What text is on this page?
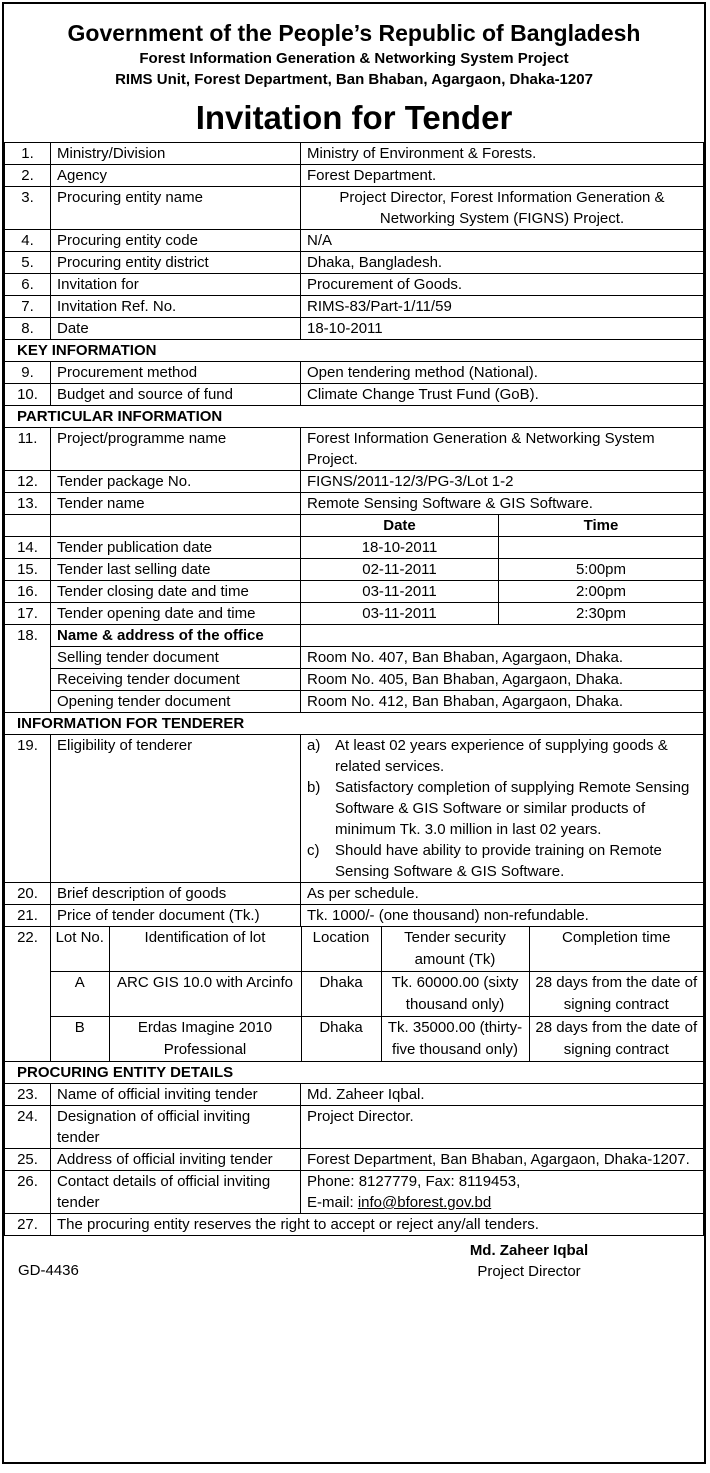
Government of the People’s Republic of Bangladesh
Forest Information Generation & Networking System Project
RIMS Unit, Forest Department, Ban Bhaban, Agargaon, Dhaka-1207
Invitation for Tender
1.	Ministry/Division	Ministry of Environment & Forests.
2.	Agency	Forest Department.
3.	Procuring entity name	Project Director, Forest Information Generation & Networking System (FIGNS) Project.
4.	Procuring entity code	N/A
5.	Procuring entity district	Dhaka, Bangladesh.
6.	Invitation for	Procurement of Goods.
7.	Invitation Ref. No.	RIMS-83/Part-1/11/59
8.	Date	18-10-2011
KEY INFORMATION
9.	Procurement method	Open tendering method (National).
10.	Budget and source of fund	Climate Change Trust Fund (GoB).
PARTICULAR INFORMATION
11.	Project/programme name	Forest Information Generation & Networking System Project.
12.	Tender package No.	FIGNS/2011-12/3/PG-3/Lot 1-2
13.	Tender name	Remote Sensing Software & GIS Software.
		Date	Time
14.	Tender publication date	18-10-2011	
15.	Tender last selling date	02-11-2011	5:00pm
16.	Tender closing date and time	03-11-2011	2:00pm
17.	Tender opening date and time	03-11-2011	2:30pm
18.	Name & address of the office	
Selling tender document	Room No. 407, Ban Bhaban, Agargaon, Dhaka.
Receiving tender document	Room No. 405, Ban Bhaban, Agargaon, Dhaka.
Opening tender document	Room No. 412, Ban Bhaban, Agargaon, Dhaka.
INFORMATION FOR TENDERER
19.	Eligibility of tenderer	a) At least 02 years experience of supplying goods & related services.
b) Satisfactory completion of supplying Remote Sensing Software & GIS Software or similar products of minimum Tk. 3.0 million in last 02 years.
c)	Should have ability to provide training on Remote Sensing Software & GIS Software.

20.	Brief description of goods	As per schedule.
21.	Price of tender document (Tk.)	Tk. 1000/- (one thousand) non-refundable.
22.	Lot No.	Identification of lot	Location	Tender security amount (Tk)	Completion time
A	ARC GIS 10.0 with Arcinfo	Dhaka	Tk. 60000.00 (sixty thousand only)	28 days from the date of signing contract
B	Erdas Imagine 2010 Professional	Dhaka	Tk. 35000.00 (thirty-five thousand only)	28 days from the date of signing contract

PROCURING ENTITY DETAILS
23.	Name of official inviting tender	Md. Zaheer Iqbal.
24.	Designation of official inviting tender	Project Director.
25.	Address of official inviting tender	Forest Department, Ban Bhaban, Agargaon, Dhaka-1207.
26.	Contact details of official inviting tender	
Phone: 8127779, Fax: 8119453,
E-mail: info@bforest.gov.bd

27.	The procuring entity reserves the right to accept or reject any/all tenders.
GD-4436
Md. Zaheer Iqbal
Project Director
